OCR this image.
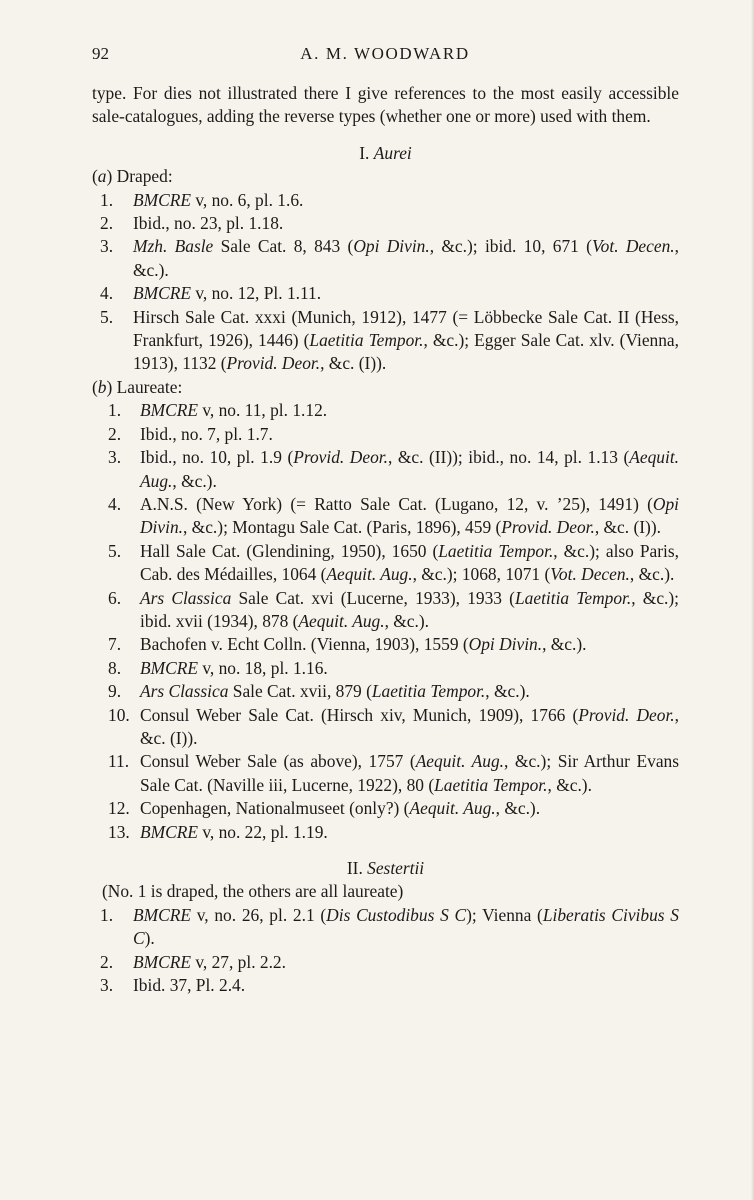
92	A. M. WOODWARD

type. For dies not illustrated there I give references to the most easily accessible sale-catalogues, adding the reverse types (whether one or more) used with them.

I. Aurei

(a) Draped:

1.	BMCRE v, no. 6, pl. 1.6.

2.	Ibid., no. 23, pl. 1.18.

3.	Mzh. Basle Sale Cat. 8, 843 (Opi Divin., &c.); ibid. 10, 671 (Vot. Decen., &c.).

4.	BMCRE v, no. 12, Pl. 1.11.

5.	Hirsch Sale Cat. xxxi (Munich, 1912), 1477 (= Löbbecke Sale Cat. II (Hess, Frankfurt, 1926), 1446) (Laetitia Tempor., &c.); Egger Sale Cat. xlv. (Vienna, 1913), 1132 (Provid. Deor., &c. (I)).

(b) Laureate:

1.	BMCRE v, no. 11, pl. 1.12.

2.	Ibid., no. 7, pl. 1.7.

3.	Ibid., no. 10, pl. 1.9 (Provid. Deor., &c. (II)); ibid., no. 14, pl. 1.13 (Aequit. Aug., &c.).

4.	A.N.S. (New York) (= Ratto Sale Cat. (Lugano, 12, v. ’25), 1491) (Opi Divin., &c.); Montagu Sale Cat. (Paris, 1896), 459 (Provid. Deor., &c. (I)).

5.	Hall Sale Cat. (Glendining, 1950), 1650 (Laetitia Tempor., &c.); also Paris, Cab. des Médailles, 1064 (Aequit. Aug., &c.); 1068, 1071 (Vot. Decen., &c.).

6.	Ars Classica Sale Cat. xvi (Lucerne, 1933), 1933 (Laetitia Tempor., &c.); ibid. xvii (1934), 878 (Aequit. Aug., &c.).

7.	Bachofen v. Echt Colln. (Vienna, 1903), 1559 (Opi Divin., &c.).

8.	BMCRE v, no. 18, pl. 1.16.

9.	Ars Classica Sale Cat. xvii, 879 (Laetitia Tempor., &c.).

10. Consul Weber Sale Cat. (Hirsch xiv, Munich, 1909), 1766 (Provid. Deor., &c. (I)).

11. Consul Weber Sale (as above), 1757 (Aequit. Aug., &c.); Sir Arthur Evans Sale Cat. (Naville iii, Lucerne, 1922), 80 (Laetitia Tempor., &c.).

12. Copenhagen, Nationalmuseet (only?) (Aequit. Aug., &c.).

13. BMCRE v, no. 22, pl. 1.19.

II. Sestertii

(No. 1 is draped, the others are all laureate)

1.	BMCRE v, no. 26, pl. 2.1 (Dis Custodibus S C); Vienna (Liberatis Civibus S C).

2.	BMCRE v, 27, pl. 2.2.

3.	Ibid. 37, Pl. 2.4.
